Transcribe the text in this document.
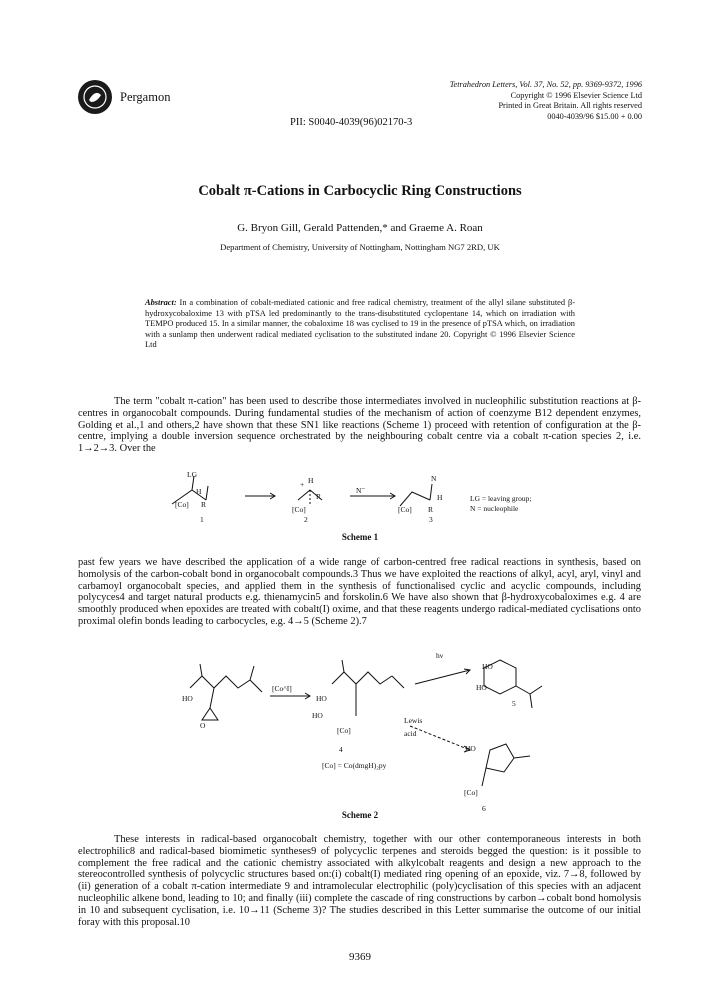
Pergamon
Tetrahedron Letters, Vol. 37, No. 52, pp. 9369-9372, 1996
Copyright © 1996 Elsevier Science Ltd
Printed in Great Britain. All rights reserved
0040-4039/96 $15.00 + 0.00
PII: S0040-4039(96)02170-3
Cobalt π-Cations in Carbocyclic Ring Constructions
G. Bryon Gill, Gerald Pattenden,* and Graeme A. Roan
Department of Chemistry, University of Nottingham, Nottingham NG7 2RD, UK
Abstract: In a combination of cobalt-mediated cationic and free radical chemistry, treatment of the allyl silane substituted β-hydroxycobaloxime 13 with pTSA led predominantly to the trans-disubstituted cyclopentane 14, which on irradiation with TEMPO produced 15. In a similar manner, the cobaloxime 18 was cyclised to 19 in the presence of pTSA which, on irradiation with a sunlamp then underwent radical mediated cyclisation to the substituted indane 20. Copyright © 1996 Elsevier Science Ltd
The term "cobalt π-cation" has been used to describe those intermediates involved in nucleophilic substitution reactions at β-centres in organocobalt compounds. During fundamental studies of the mechanism of action of coenzyme B12 dependent enzymes, Golding et al.,1 and others,2 have shown that these SN1 like reactions (Scheme 1) proceed with retention of configuration at the β-centre, implying a double inversion sequence orchestrated by the neighbouring cobalt centre via a cobalt π-cation species 2, i.e. 1→2→3. Over the
LG
H
[Co] R
1
+ H
R
[Co]
2
N⁻
N
H
[Co] R
3
LG = leaving group;
N = nucleophile
Scheme 1
past few years we have described the application of a wide range of carbon-centred free radical reactions in synthesis, based on homolysis of the carbon-cobalt bond in organocobalt compounds.3 Thus we have exploited the reactions of alkyl, acyl, aryl, vinyl and carbamoyl organocobalt species, and applied them in the synthesis of functionalised cyclic and acyclic compounds, including polycyces4 and target natural products e.g. thienamycin5 and forskolin.6 We have also shown that β-hydroxycobaloximes e.g. 4 are smoothly produced when epoxides are treated with cobalt(I) oxime, and that these reagents undergo radical-mediated cyclisations onto proximal olefin bonds leading to carbocycles, e.g. 4→5 (Scheme 2).7
HO
O
[Co^I]
HO
HO
[Co]
4
[Co] = Co(dmgH)₂py
hν
HO
HO
5
Lewis
acid
HO
[Co]
6
Scheme 2
These interests in radical-based organocobalt chemistry, together with our other contemporaneous interests in both electrophilic8 and radical-based biomimetic syntheses9 of polycyclic terpenes and steroids begged the question: is it possible to complement the free radical and the cationic chemistry associated with alkylcobalt reagents and design a new approach to the stereocontrolled synthesis of polycyclic structures based on:(i) cobalt(I) mediated ring opening of an epoxide, viz. 7→8, followed by (ii) generation of a cobalt π-cation intermediate 9 and intramolecular electrophilic (poly)cyclisation of this species with an adjacent nucleophilic alkene bond, leading to 10; and finally (iii) complete the cascade of ring constructions by carbon→cobalt bond homolysis in 10 and subsequent cyclisation, i.e. 10→11 (Scheme 3)? The studies described in this Letter summarise the outcome of our initial foray with this proposal.10
9369
